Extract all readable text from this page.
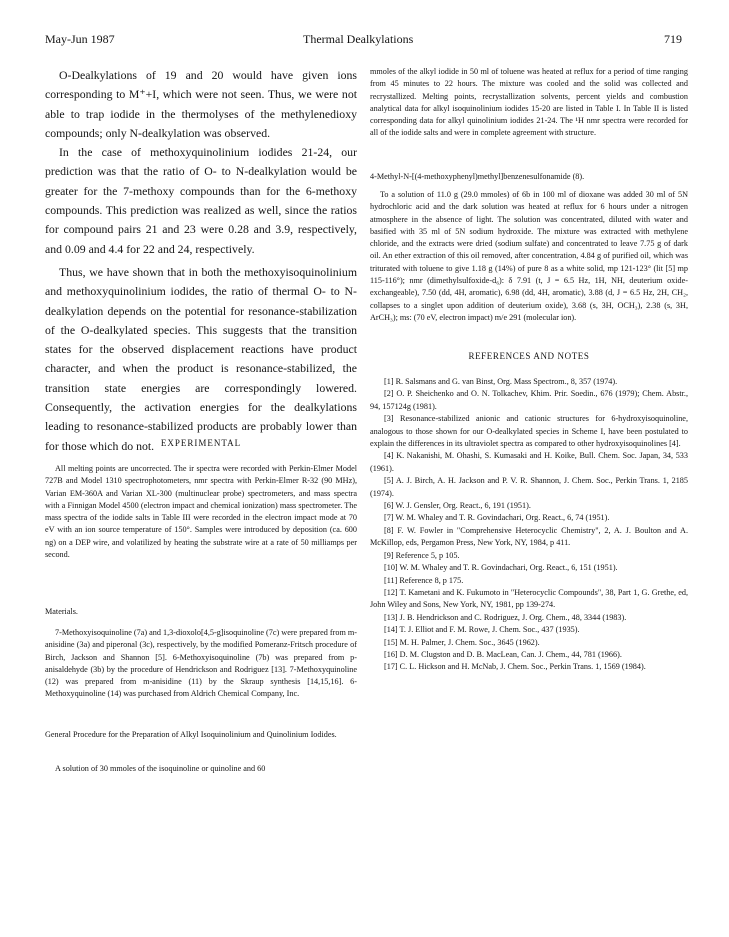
May-Jun 1987	Thermal Dealkylations	719

O-Dealkylations of 19 and 20 would have given ions corresponding to M⁺+I, which were not seen. Thus, we were not able to trap iodide in the thermolyses of the methylenedioxy compounds; only N-dealkylation was observed.

In the case of methoxyquinolinium iodides 21-24, our prediction was that the ratio of O- to N-dealkylation would be greater for the 7-methoxy compounds than for the 6-methoxy compounds. This prediction was realized as well, since the ratios for compound pairs 21 and 23 were 0.28 and 3.9, respectively, and 0.09 and 4.4 for 22 and 24, respectively.

Thus, we have shown that in both the methoxyisoquinolinium and methoxyquinolinium iodides, the ratio of thermal O- to N-dealkylation depends on the potential for resonance-stabilization of the O-dealkylated species. This suggests that the transition states for the observed displacement reactions have product character, and when the product is resonance-stabilized, the transition state energies are correspondingly lowered. Consequently, the activation energies for the dealkylations leading to resonance-stabilized products are probably lower than for those which do not. EXPERIMENTAL

All melting points are uncorrected. The ir spectra were recorded with Perkin-Elmer Model 727B and Model 1310 spectrophotometers, nmr spectra with Perkin-Elmer R-32 (90 MHz), Varian EM-360A and Varian XL-300 (multinuclear probe) spectrometers, and mass spectra with a Finnigan Model 4500 (electron impact and chemical ionization) mass spectrometer. The mass spectra of the iodide salts in Table III were recorded in the electron impact mode at 70 eV with an ion source temperature of 150°. Samples were introduced by deposition (ca. 600 ng) on a DEP wire, and volatilized by heating the substrate wire at a rate of 50 milliamps per second.

Materials.

7-Methoxyisoquinoline (7a) and 1,3-dioxolo[4,5-g]isoquinoline (7c) were prepared from m-anisidine (3a) and piperonal (3c), respectively, by the modified Pomeranz-Fritsch procedure of Birch, Jackson and Shannon [5]. 6-Methoxyisoquinoline (7b) was prepared from p-anisaldehyde (3b) by the procedure of Hendrickson and Rodriguez [13]. 7-Methoxyquinoline (12) was prepared from m-anisidine (11) by the Skraup synthesis [14,15,16]. 6-Methoxyquinoline (14) was purchased from Aldrich Chemical Company, Inc.

General Procedure for the Preparation of Alkyl Isoquinolinium and Quinolinium Iodides.

A solution of 30 mmoles of the isoquinoline or quinoline and 60

mmoles of the alkyl iodide in 50 ml of toluene was heated at reflux for a period of time ranging from 45 minutes to 22 hours. The mixture was cooled and the solid was collected and recrystallized. Melting points, recrystallization solvents, percent yields and combustion analytical data for alkyl isoquinolinium iodides 15-20 are listed in Table I. In Table II is listed corresponding data for alkyl quinolinium iodides 21-24. The ¹H nmr spectra were recorded for all of the iodide salts and were in complete agreement with structure.

4-Methyl-N-[(4-methoxyphenyl)methyl]benzenesulfonamide (8).

To a solution of 11.0 g (29.0 mmoles) of 6b in 100 ml of dioxane was added 30 ml of 5N hydrochloric acid and the dark solution was heated at reflux for 6 hours under a nitrogen atmosphere in the absence of light. The solution was concentrated, diluted with water and basified with 35 ml of 5N sodium hydroxide. The mixture was extracted with methylene chloride, and the extracts were dried (sodium sulfate) and concentrated to leave 7.75 g of dark oil. An ether extraction of this oil removed, after concentration, 4.84 g of purified oil, which was triturated with toluene to give 1.18 g (14%) of pure 8 as a white solid, mp 121-123° (lit [5] mp 115-116°); nmr (dimethylsulfoxide-d₆): δ 7.91 (t, J = 6.5 Hz, 1H, NH, deuterium oxide-exchangeable), 7.50 (dd, 4H, aromatic), 6.98 (dd, 4H, aromatic), 3.88 (d, J = 6.5 Hz, 2H, CH₂, collapses to a singlet upon addition of deuterium oxide), 3.68 (s, 3H, OCH₃), 2.38 (s, 3H, ArCH₃); ms: (70 eV, electron impact) m/e 291 (molecular ion).

REFERENCES AND NOTES

[1] R. Salsmans and G. van Binst, Org. Mass Spectrom., 8, 357 (1974).

[2] O. P. Sheichenko and O. N. Tolkachev, Khim. Prir. Soedin., 676 (1979); Chem. Abstr., 94, 157124g (1981).

[3] Resonance-stabilized anionic and cationic structures for 6-hydroxyisoquinoline, analogous to those shown for our O-dealkylated species in Scheme I, have been postulated to explain the differences in its ultraviolet spectra as compared to other hydroxyisoquinolines [4].

[4] K. Nakanishi, M. Ohashi, S. Kumasaki and H. Koike, Bull. Chem. Soc. Japan, 34, 533 (1961).

[5] A. J. Birch, A. H. Jackson and P. V. R. Shannon, J. Chem. Soc., Perkin Trans. 1, 2185 (1974).

[6] W. J. Gensler, Org. React., 6, 191 (1951).

[7] W. M. Whaley and T. R. Govindachari, Org. React., 6, 74 (1951).

[8] F. W. Fowler in "Comprehensive Heterocyclic Chemistry", 2, A. J. Boulton and A. McKillop, eds, Pergamon Press, New York, NY, 1984, p 411.

[9] Reference 5, p 105.

[10] W. M. Whaley and T. R. Govindachari, Org. React., 6, 151 (1951).

[11] Reference 8, p 175.

[12] T. Kametani and K. Fukumoto in "Heterocyclic Compounds", 38, Part 1, G. Grethe, ed, John Wiley and Sons, New York, NY, 1981, pp 139-274.

[13] J. B. Hendrickson and C. Rodriguez, J. Org. Chem., 48, 3344 (1983).

[14] T. J. Elliot and F. M. Rowe, J. Chem. Soc., 437 (1935).

[15] M. H. Palmer, J. Chem. Soc., 3645 (1962).

[16] D. M. Clugston and D. B. MacLean, Can. J. Chem., 44, 781 (1966).

[17] C. L. Hickson and H. McNab, J. Chem. Soc., Perkin Trans. 1, 1569 (1984).
